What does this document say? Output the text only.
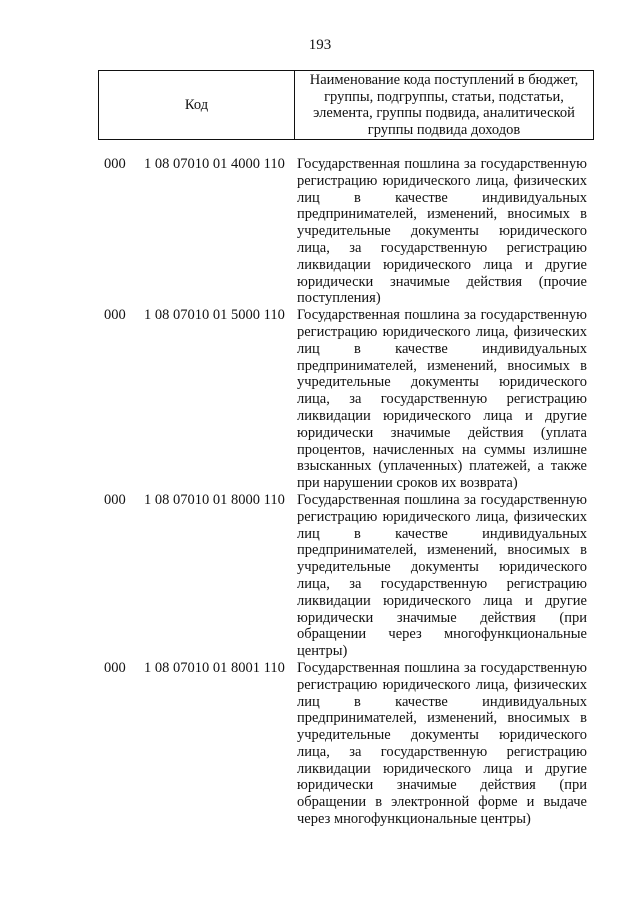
193
Код
Наименование кода поступлений в бюджет, группы, подгруппы, статьи, подстатьи, элемента, группы подвида, аналитической группы подвида доходов
000 1 08 07010 01 4000 110 Государственная пошлина за государственную регистрацию юридического лица, физических лиц в качестве индивидуальных предпринимателей, изменений, вносимых в учредительные документы юридического лица, за государственную регистрацию ликвидации юридического лица и другие юридически значимые действия (прочие поступления)
000 1 08 07010 01 5000 110 Государственная пошлина за государственную регистрацию юридического лица, физических лиц в качестве индивидуальных предпринимателей, изменений, вносимых в учредительные документы юридического лица, за государственную регистрацию ликвидации юридического лица и другие юридически значимые действия (уплата процентов, начисленных на суммы излишне взысканных (уплаченных) платежей, а также при нарушении сроков их возврата)
000 1 08 07010 01 8000 110 Государственная пошлина за государственную регистрацию юридического лица, физических лиц в качестве индивидуальных предпринимателей, изменений, вносимых в учредительные документы юридического лица, за государственную регистрацию ликвидации юридического лица и другие юридически значимые действия (при обращении через многофункциональные центры)
000 1 08 07010 01 8001 110 Государственная пошлина за государственную регистрацию юридического лица, физических лиц в качестве индивидуальных предпринимателей, изменений, вносимых в учредительные документы юридического лица, за государственную регистрацию ликвидации юридического лица и другие юридически значимые действия (при обращении в электронной форме и выдаче через многофункциональные центры)
